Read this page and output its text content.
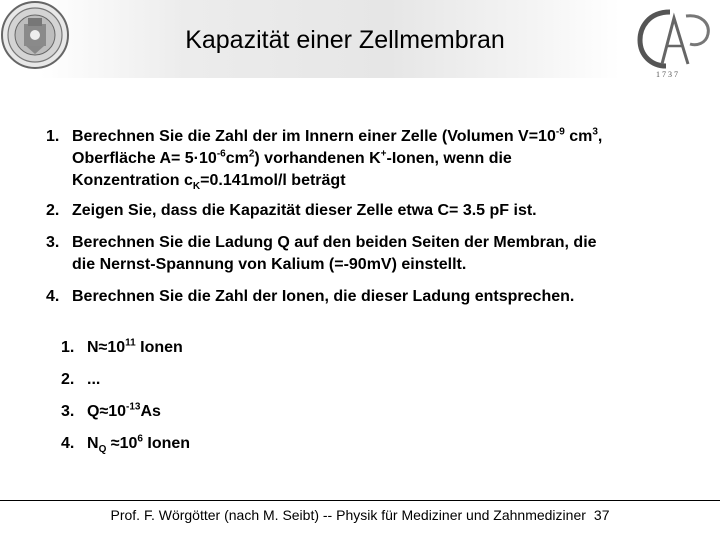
Kapazität einer Zellmembran
1 7 3 7
1. Berechnen Sie die Zahl der im Innern einer Zelle (Volumen $V=10^{-9}$ $cm^3$,
Oberfläche $A= 5\cdot 10^{-6}cm^2$) vorhandenen K+-Ionen, wenn die
Konzentration $c_K=0.141mol/l$ beträgt
2. Zeigen Sie, dass die Kapazität dieser Zelle etwa C= 3.5 pF ist.
3. Berechnen Sie die Ladung Q auf den beiden Seiten der Membran, die
die Nernst-Spannung von Kalium (=-90mV) einstellt.
4. Berechnen Sie die Zahl der Ionen, die dieser Ladung entsprechen.
1. $N\approx 10^{11}$ Ionen
2. ...
3. $Q\approx 10^{-13}As$
4. $N_Q \approx 10^6$ Ionen
Prof. F. Wörgötter (nach M. Seibt) -- Physik für Mediziner und Zahnmediziner 37
